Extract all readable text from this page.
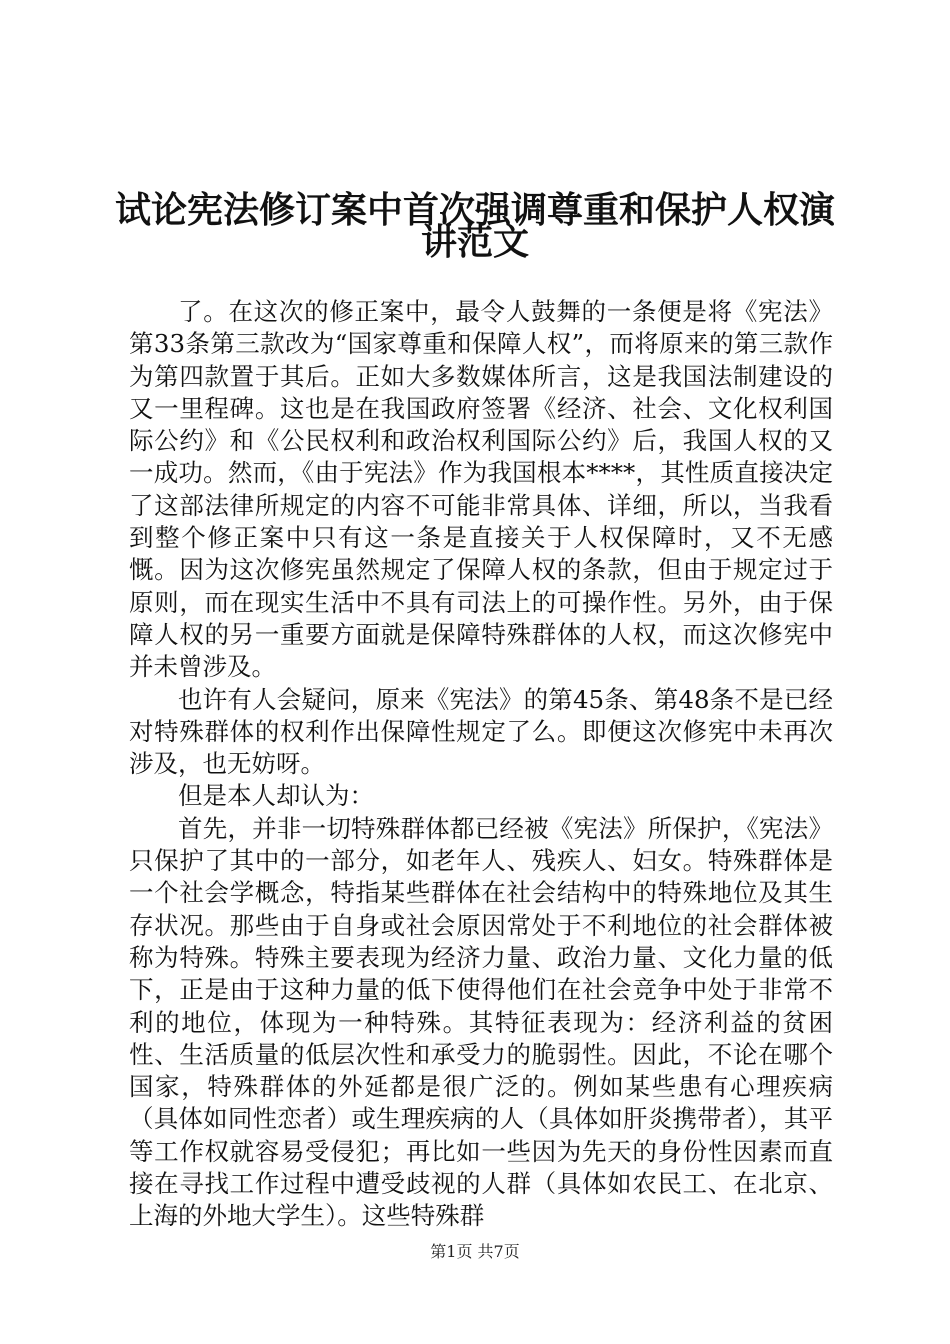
试论宪法修订案中首次强调尊重和保护人权演
讲范文

了。在这次的修正案中，最令人鼓舞的一条便是将《宪法》第33条第三款改为“国家尊重和保障人权”，而将原来的第三款作为第四款置于其后。正如大多数媒体所言，这是我国法制建设的又一里程碑。这也是在我国政府签署《经济、社会、文化权利国际公约》和《公民权利和政治权利国际公约》后，我国人权的又一成功。然而，《由于宪法》作为我国根本****，其性质直接决定了这部法律所规定的内容不可能非常具体、详细，所以，当我看到整个修正案中只有这一条是直接关于人权保障时，又不无感慨。因为这次修宪虽然规定了保障人权的条款，但由于规定过于原则，而在现实生活中不具有司法上的可操作性。另外，由于保障人权的另一重要方面就是保障特殊群体的人权，而这次修宪中并未曾涉及。

也许有人会疑问，原来《宪法》的第45条、第48条不是已经对特殊群体的权利作出保障性规定了么。即便这次修宪中未再次涉及，也无妨呀。

但是本人却认为：

首先，并非一切特殊群体都已经被《宪法》所保护，《宪法》只保护了其中的一部分，如老年人、残疾人、妇女。特殊群体是一个社会学概念，特指某些群体在社会结构中的特殊地位及其生存状况。那些由于自身或社会原因常处于不利地位的社会群体被称为特殊。特殊主要表现为经济力量、政治力量、文化力量的低下，正是由于这种力量的低下使得他们在社会竞争中处于非常不利的地位，体现为一种特殊。其特征表现为：经济利益的贫困性、生活质量的低层次性和承受力的脆弱性。因此，不论在哪个国家，特殊群体的外延都是很广泛的。例如某些患有心理疾病（具体如同性恋者）或生理疾病的人（具体如肝炎携带者），其平等工作权就容易受侵犯；再比如一些因为先天的身份性因素而直接在寻找工作过程中遭受歧视的人群（具体如农民工、在北京、上海的外地大学生）。这些特殊群

第1页 共7页
